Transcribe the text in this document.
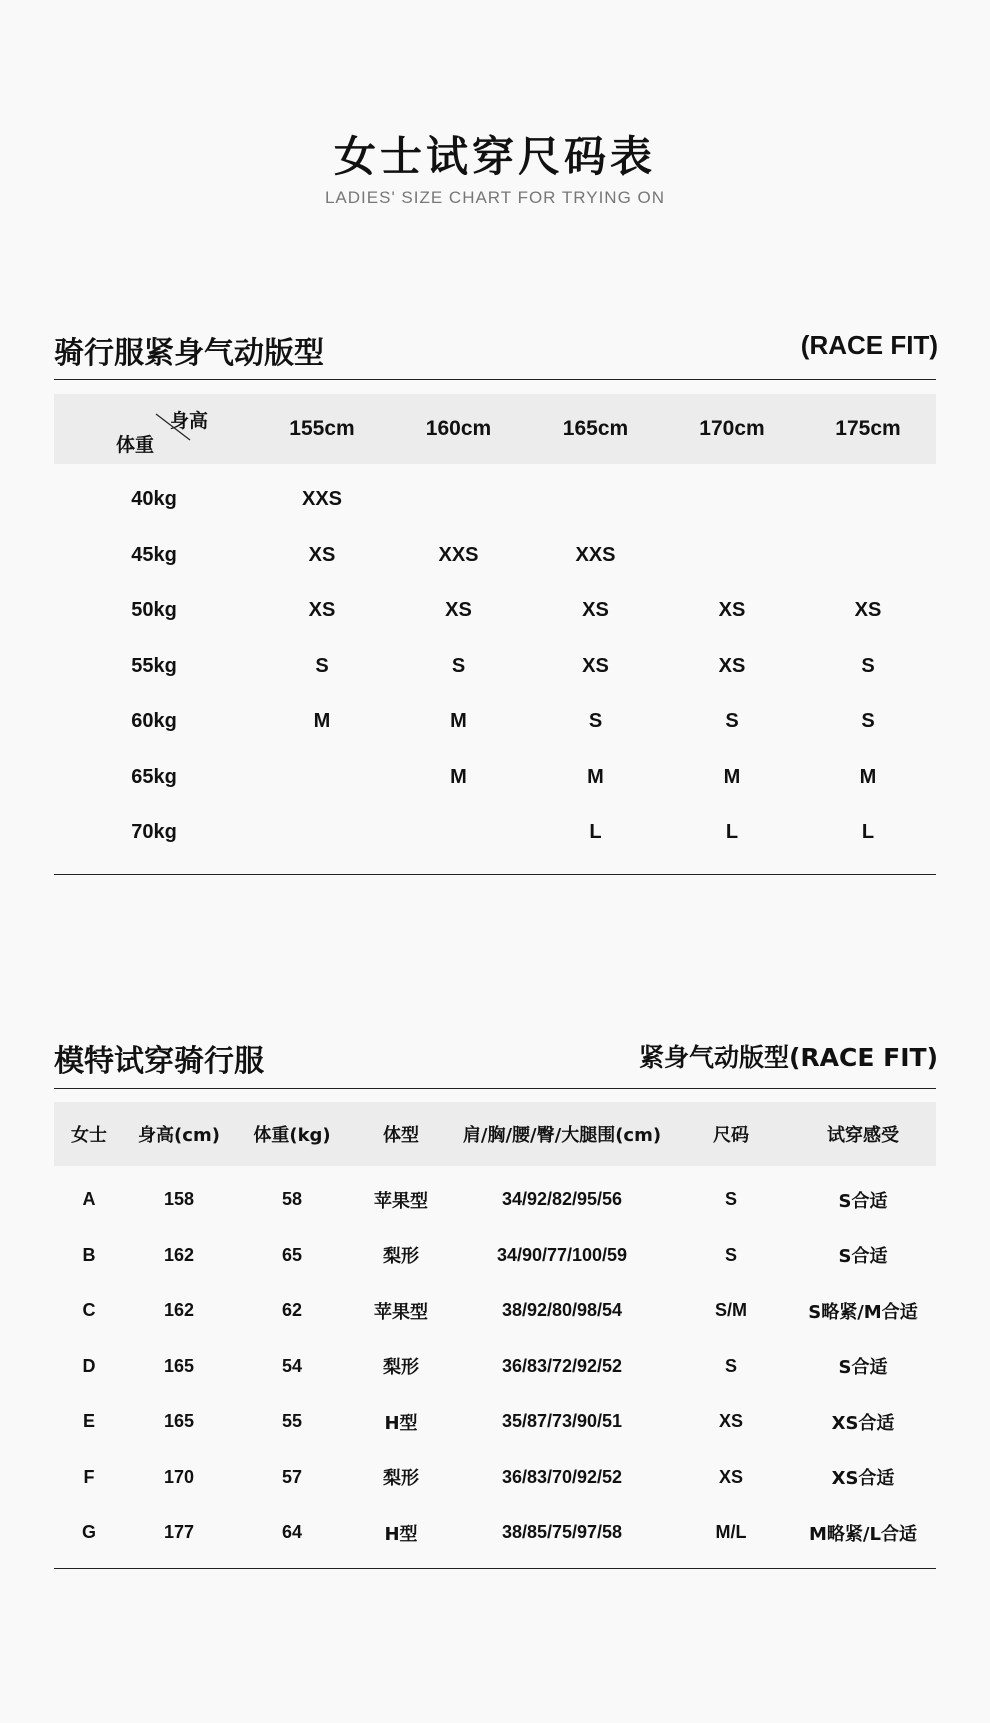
女士试穿尺码表
LADIES' SIZE CHART FOR TRYING ON
骑行服紧身气动版型	(RACE FIT)
身高
体重	155cm	160cm	165cm	170cm	175cm

40kg	XXS				
45kg	XS	XXS	XXS		
50kg	XS	XS	XS	XS	XS
55kg	S	S	XS	XS	S
60kg	M	M	S	S	S
65kg		M	M	M	M
70kg			L	L	L
模特试穿骑行服	紧身气动版型(RACE FIT)
女士	身高(cm)	体重(kg)	体型	肩/胸/腰/臀/大腿围(cm)	尺码	试穿感受

A	158	58	苹果型	34/92/82/95/56	S	S合适
B	162	65	梨形	34/90/77/100/59	S	S合适
C	162	62	苹果型	38/92/80/98/54	S/M	S略紧/M合适
D	165	54	梨形	36/83/72/92/52	S	S合适
E	165	55	H型	35/87/73/90/51	XS	XS合适
F	170	57	梨形	36/83/70/92/52	XS	XS合适
G	177	64	H型	38/85/75/97/58	M/L	M略紧/L合适
